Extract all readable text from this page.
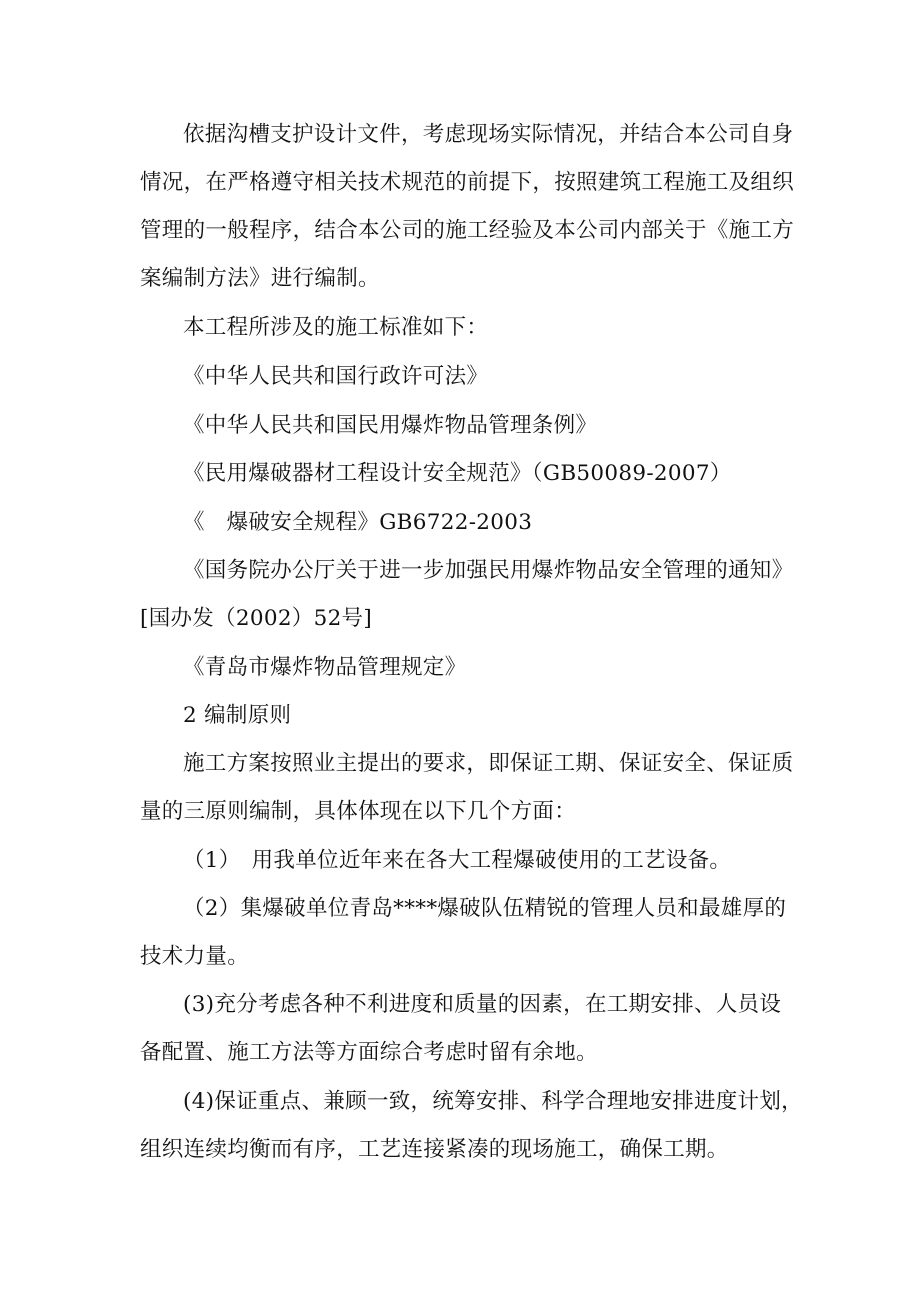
依据沟槽支护设计文件，考虑现场实际情况，并结合本公司自身
情况，在严格遵守相关技术规范的前提下，按照建筑工程施工及组织
管理的一般程序，结合本公司的施工经验及本公司内部关于《施工方
案编制方法》进行编制。
本工程所涉及的施工标准如下：
《中华人民共和国行政许可法》
《中华人民共和国民用爆炸物品管理条例》
《民用爆破器材工程设计安全规范》（GB50089-2007）
《　爆破安全规程》GB6722-2003
《国务院办公厅关于进一步加强民用爆炸物品安全管理的通知》
[国办发（2002）52号]
《青岛市爆炸物品管理规定》
2 编制原则
施工方案按照业主提出的要求，即保证工期、保证安全、保证质
量的三原则编制，具体体现在以下几个方面：
（1）　用我单位近年来在各大工程爆破使用的工艺设备。
（2）集爆破单位青岛****爆破队伍精锐的管理人员和最雄厚的
技术力量。
(3)充分考虑各种不利进度和质量的因素，在工期安排、人员设
备配置、施工方法等方面综合考虑时留有余地。
(4)保证重点、兼顾一致，统筹安排、科学合理地安排进度计划，
组织连续均衡而有序，工艺连接紧凑的现场施工，确保工期。
